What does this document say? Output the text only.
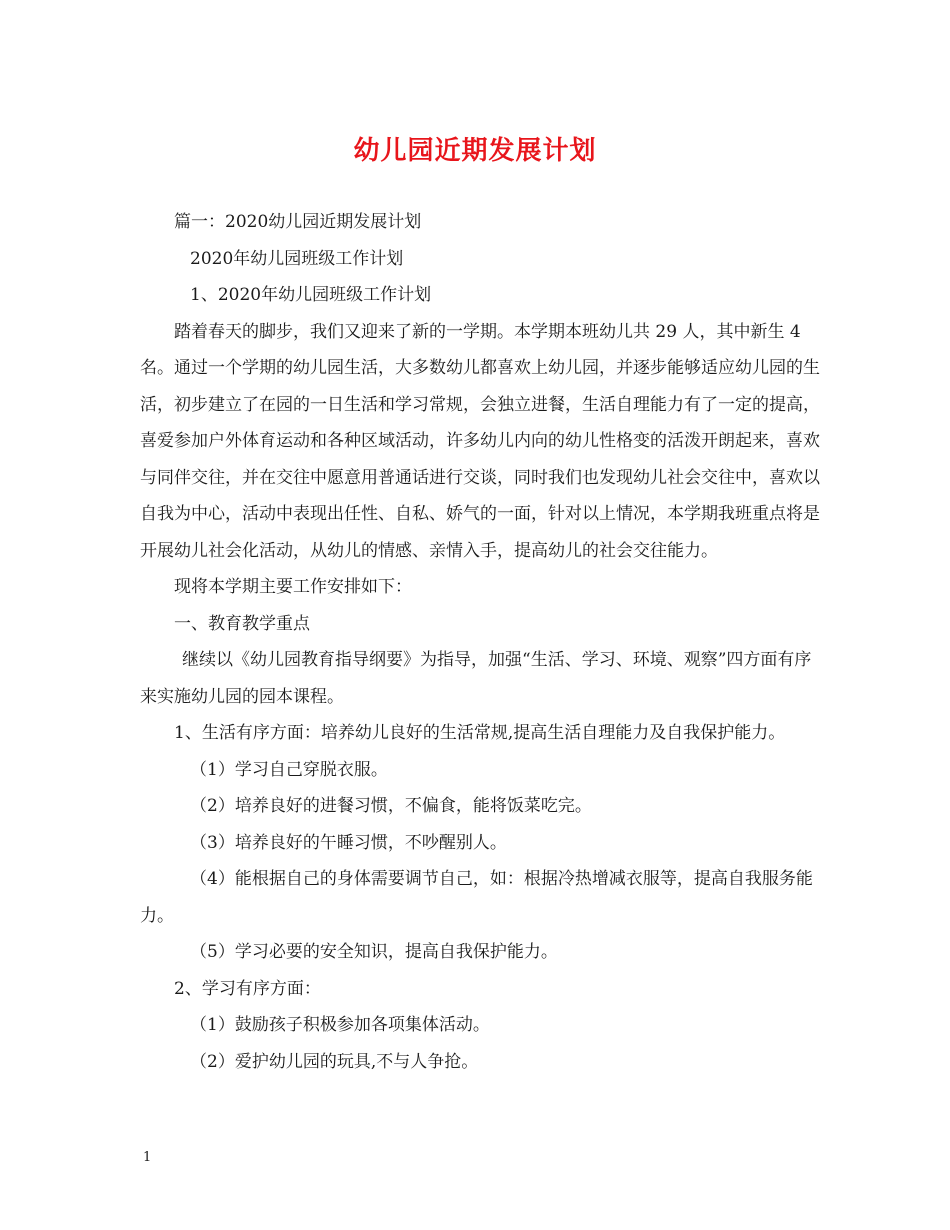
幼儿园近期发展计划

篇一：2020幼儿园近期发展计划

2020年幼儿园班级工作计划

1、2020年幼儿园班级工作计划

踏着春天的脚步，我们又迎来了新的一学期。本学期本班幼儿共 29 人，其中新生 4 名。通过一个学期的幼儿园生活，大多数幼儿都喜欢上幼儿园，并逐步能够适应幼儿园的生活，初步建立了在园的一日生活和学习常规，会独立进餐，生活自理能力有了一定的提高，喜爱参加户外体育运动和各种区域活动，许多幼儿内向的幼儿性格变的活泼开朗起来，喜欢与同伴交往，并在交往中愿意用普通话进行交谈，同时我们也发现幼儿社会交往中，喜欢以自我为中心，活动中表现出任性、自私、娇气的一面，针对以上情况，本学期我班重点将是开展幼儿社会化活动，从幼儿的情感、亲情入手，提高幼儿的社会交往能力。

现将本学期主要工作安排如下：

一、教育教学重点

继续以《幼儿园教育指导纲要》为指导，加强“生活、学习、环境、观察”四方面有序来实施幼儿园的园本课程。

1、生活有序方面：培养幼儿良好的生活常规,提高生活自理能力及自我保护能力。

（1）学习自己穿脱衣服。

（2）培养良好的进餐习惯，不偏食，能将饭菜吃完。

（3）培养良好的午睡习惯，不吵醒别人。

（4）能根据自己的身体需要调节自己，如：根据冷热增减衣服等，提高自我服务能力。

（5）学习必要的安全知识，提高自我保护能力。

2、学习有序方面：

（1）鼓励孩子积极参加各项集体活动。

（2）爱护幼儿园的玩具,不与人争抢。

1
